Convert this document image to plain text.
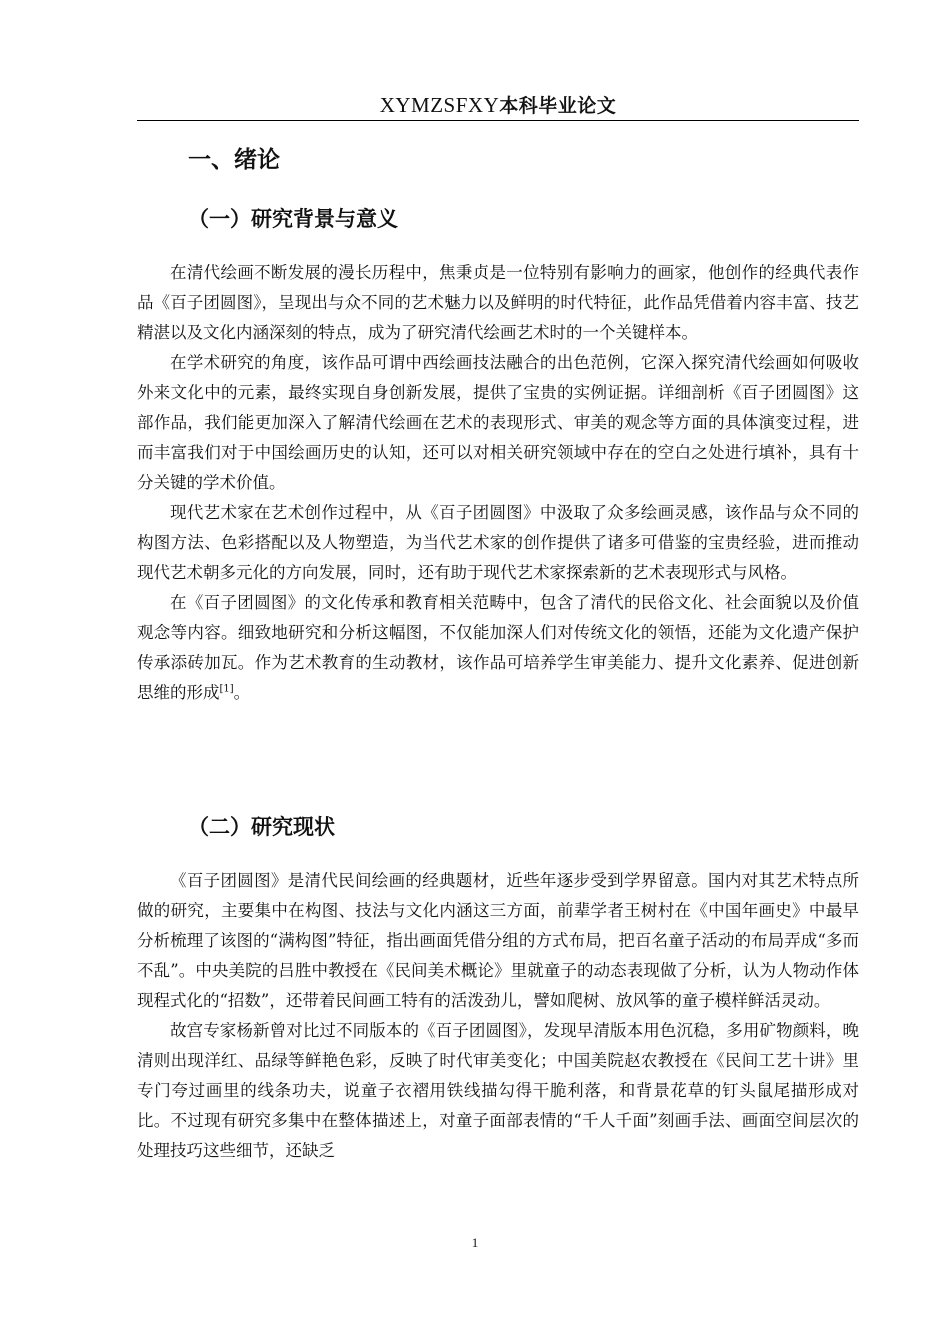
XYMZSFXY本科毕业论文
一、绪论
（一）研究背景与意义

在清代绘画不断发展的漫长历程中，焦秉贞是一位特别有影响力的画家，他创作的经典代表作品《百子团圆图》，呈现出与众不同的艺术魅力以及鲜明的时代特征，此作品凭借着内容丰富、技艺精湛以及文化内涵深刻的特点，成为了研究清代绘画艺术时的一个关键样本。

在学术研究的角度，该作品可谓中西绘画技法融合的出色范例，它深入探究清代绘画如何吸收外来文化中的元素，最终实现自身创新发展，提供了宝贵的实例证据。详细剖析《百子团圆图》这部作品，我们能更加深入了解清代绘画在艺术的表现形式、审美的观念等方面的具体演变过程，进而丰富我们对于中国绘画历史的认知，还可以对相关研究领域中存在的空白之处进行填补，具有十分关键的学术价值。

现代艺术家在艺术创作过程中，从《百子团圆图》中汲取了众多绘画灵感，该作品与众不同的构图方法、色彩搭配以及人物塑造，为当代艺术家的创作提供了诸多可借鉴的宝贵经验，进而推动现代艺术朝多元化的方向发展，同时，还有助于现代艺术家探索新的艺术表现形式与风格。

在《百子团圆图》的文化传承和教育相关范畴中，包含了清代的民俗文化、社会面貌以及价值观念等内容。细致地研究和分析这幅图，不仅能加深人们对传统文化的领悟，还能为文化遗产保护传承添砖加瓦。作为艺术教育的生动教材，该作品可培养学生审美能力、提升文化素养、促进创新思维的形成[1]。

（二）研究现状

《百子团圆图》是清代民间绘画的经典题材，近些年逐步受到学界留意。国内对其艺术特点所做的研究，主要集中在构图、技法与文化内涵这三方面，前辈学者王树村在《中国年画史》中最早分析梳理了该图的“满构图”特征，指出画面凭借分组的方式布局，把百名童子活动的布局弄成“多而不乱”。中央美院的吕胜中教授在《民间美术概论》里就童子的动态表现做了分析，认为人物动作体现程式化的“招数”，还带着民间画工特有的活泼劲儿，譬如爬树、放风筝的童子模样鲜活灵动。

故宫专家杨新曾对比过不同版本的《百子团圆图》，发现早清版本用色沉稳，多用矿物颜料，晚清则出现洋红、品绿等鲜艳色彩，反映了时代审美变化；中国美院赵农教授在《民间工艺十讲》里专门夸过画里的线条功夫，说童子衣褶用铁线描勾得干脆利落，和背景花草的钉头鼠尾描形成对比。不过现有研究多集中在整体描述上，对童子面部表情的“千人千面”刻画手法、画面空间层次的处理技巧这些细节，还缺乏

1
